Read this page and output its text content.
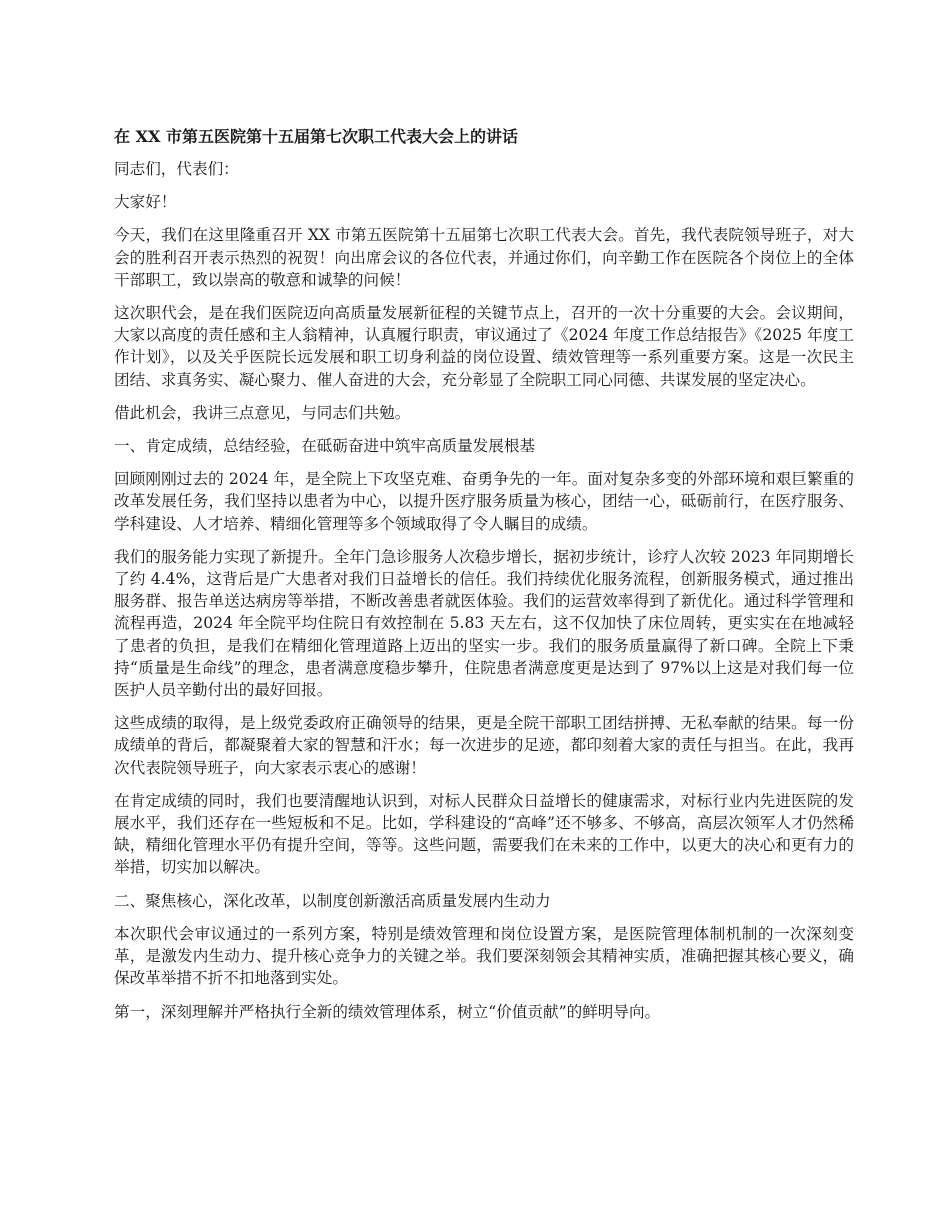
在 XX 市第五医院第十五届第七次职工代表大会上的讲话

同志们，代表们：

大家好！

今天，我们在这里隆重召开 XX 市第五医院第十五届第七次职工代表大会。首先，我代表院领导班子，对大会的胜利召开表示热烈的祝贺！向出席会议的各位代表，并通过你们，向辛勤工作在医院各个岗位上的全体干部职工，致以崇高的敬意和诚挚的问候！

这次职代会，是在我们医院迈向高质量发展新征程的关键节点上，召开的一次十分重要的大会。会议期间，大家以高度的责任感和主人翁精神，认真履行职责，审议通过了《2024 年度工作总结报告》《2025 年度工作计划》，以及关乎医院长远发展和职工切身利益的岗位设置、绩效管理等一系列重要方案。这是一次民主团结、求真务实、凝心聚力、催人奋进的大会，充分彰显了全院职工同心同德、共谋发展的坚定决心。

借此机会，我讲三点意见，与同志们共勉。

一、肯定成绩，总结经验，在砥砺奋进中筑牢高质量发展根基

回顾刚刚过去的 2024 年，是全院上下攻坚克难、奋勇争先的一年。面对复杂多变的外部环境和艰巨繁重的改革发展任务，我们坚持以患者为中心，以提升医疗服务质量为核心，团结一心，砥砺前行，在医疗服务、学科建设、人才培养、精细化管理等多个领域取得了令人瞩目的成绩。

我们的服务能力实现了新提升。全年门急诊服务人次稳步增长，据初步统计，诊疗人次较 2023 年同期增长了约 4.4%，这背后是广大患者对我们日益增长的信任。我们持续优化服务流程，创新服务模式，通过推出服务群、报告单送达病房等举措，不断改善患者就医体验。我们的运营效率得到了新优化。通过科学管理和流程再造，2024 年全院平均住院日有效控制在 5.83 天左右，这不仅加快了床位周转，更实实在在地减轻了患者的负担，是我们在精细化管理道路上迈出的坚实一步。我们的服务质量赢得了新口碑。全院上下秉持“质量是生命线”的理念，患者满意度稳步攀升，住院患者满意度更是达到了 97%以上这是对我们每一位医护人员辛勤付出的最好回报。

这些成绩的取得，是上级党委政府正确领导的结果，更是全院干部职工团结拼搏、无私奉献的结果。每一份成绩单的背后，都凝聚着大家的智慧和汗水；每一次进步的足迹，都印刻着大家的责任与担当。在此，我再次代表院领导班子，向大家表示衷心的感谢！

在肯定成绩的同时，我们也要清醒地认识到，对标人民群众日益增长的健康需求，对标行业内先进医院的发展水平，我们还存在一些短板和不足。比如，学科建设的“高峰”还不够多、不够高，高层次领军人才仍然稀缺，精细化管理水平仍有提升空间，等等。这些问题，需要我们在未来的工作中，以更大的决心和更有力的举措，切实加以解决。

二、聚焦核心，深化改革，以制度创新激活高质量发展内生动力

本次职代会审议通过的一系列方案，特别是绩效管理和岗位设置方案，是医院管理体制机制的一次深刻变革，是激发内生动力、提升核心竞争力的关键之举。我们要深刻领会其精神实质，准确把握其核心要义，确保改革举措不折不扣地落到实处。

第一，深刻理解并严格执行全新的绩效管理体系，树立“价值贡献”的鲜明导向。
